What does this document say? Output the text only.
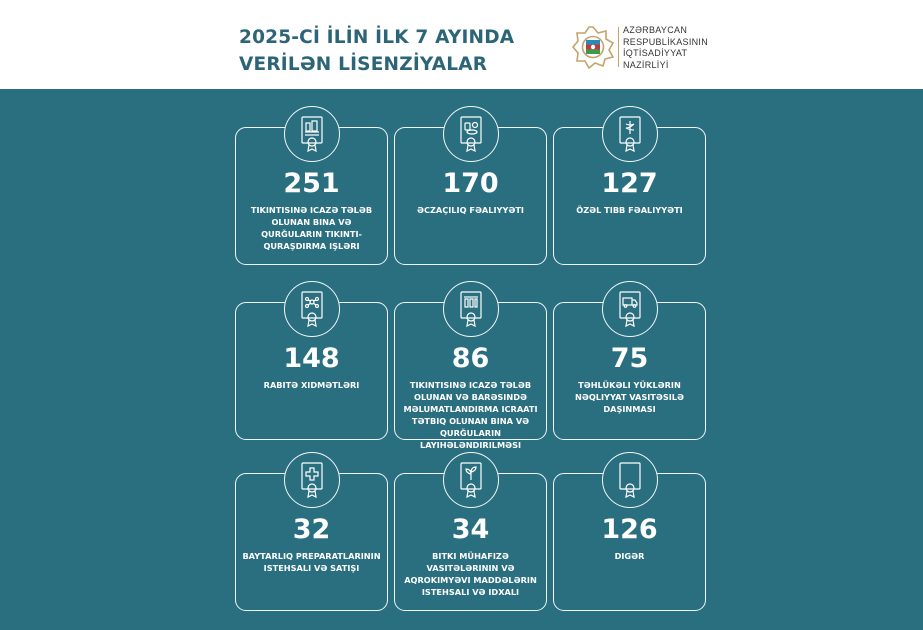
2025-Cİ İLİN İLK 7 AYINDA
VERİLƏN LİSENZİYALAR
AZƏRBAYCAN
RESPUBLİKASININ
İQTİSADİYYAT
NAZİRLİYİ
251
TIKINTISINƏ ICAZƏ TƏLƏB OLUNAN BINA VƏ QURĞULARIN TIKINTI-QURAŞDIRMA IŞLƏRI
170
ƏCZAÇILIQ FƏALIYYƏTI
127
ÖZƏL TIBB FƏALIYYƏTI
148
RABITƏ XIDMƏTLƏRI
86
TIKINTISINƏ ICAZƏ TƏLƏB OLUNAN VƏ BARƏSINDƏ MƏLUMATLANDIRMA ICRAATI TƏTBIQ OLUNAN BINA VƏ QURĞULARIN LAYIHƏLƏNDIRILMƏSI
75
TƏHLÜKƏLI YÜKLƏRIN NƏQLIYYAT VASITƏSILƏ DAŞINMASI
32
BAYTARLIQ PREPARATLARININ ISTEHSALI VƏ SATIŞI
34
BITKI MÜHAFIZƏ VASITƏLƏRININ VƏ AQROKIMYƏVI MADDƏLƏRIN ISTEHSALI VƏ IDXALI
126
DIGƏR
